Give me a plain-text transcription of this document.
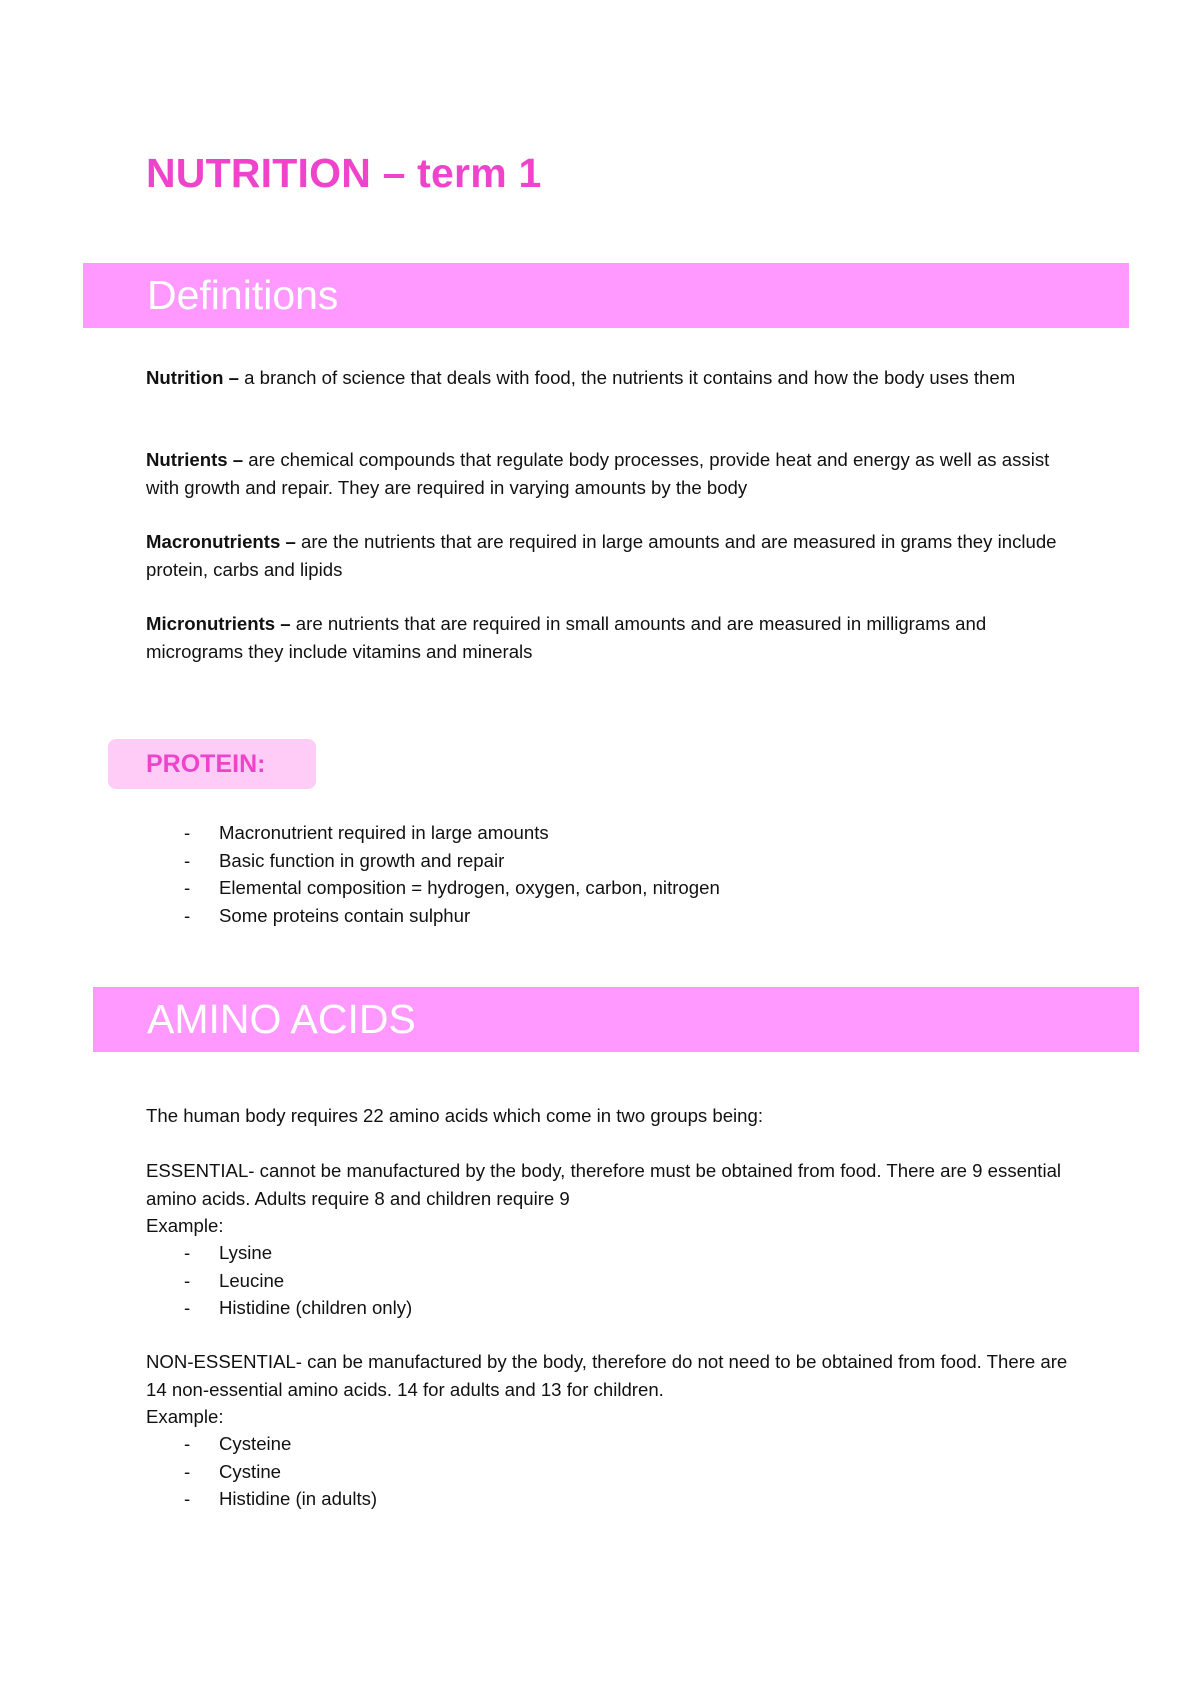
NUTRITION – term 1
Definitions
Nutrition – a branch of science that deals with food, the nutrients it contains and how the body uses them
Nutrients – are chemical compounds that regulate body processes, provide heat and energy as well as assist with growth and repair. They are required in varying amounts by the body
Macronutrients – are the nutrients that are required in large amounts and are measured in grams they include protein, carbs and lipids
Micronutrients – are nutrients that are required in small amounts and are measured in milligrams and micrograms they include vitamins and minerals
PROTEIN:
- Macronutrient required in large amounts
- Basic function in growth and repair
- Elemental composition = hydrogen, oxygen, carbon, nitrogen
- Some proteins contain sulphur
AMINO ACIDS
The human body requires 22 amino acids which come in two groups being:
ESSENTIAL- cannot be manufactured by the body, therefore must be obtained from food. There are 9 essential amino acids. Adults require 8 and children require 9
Example:
- Lysine
- Leucine
- Histidine (children only)
NON-ESSENTIAL- can be manufactured by the body, therefore do not need to be obtained from food. There are 14 non-essential amino acids. 14 for adults and 13 for children.
Example:
- Cysteine
- Cystine
- Histidine (in adults)
